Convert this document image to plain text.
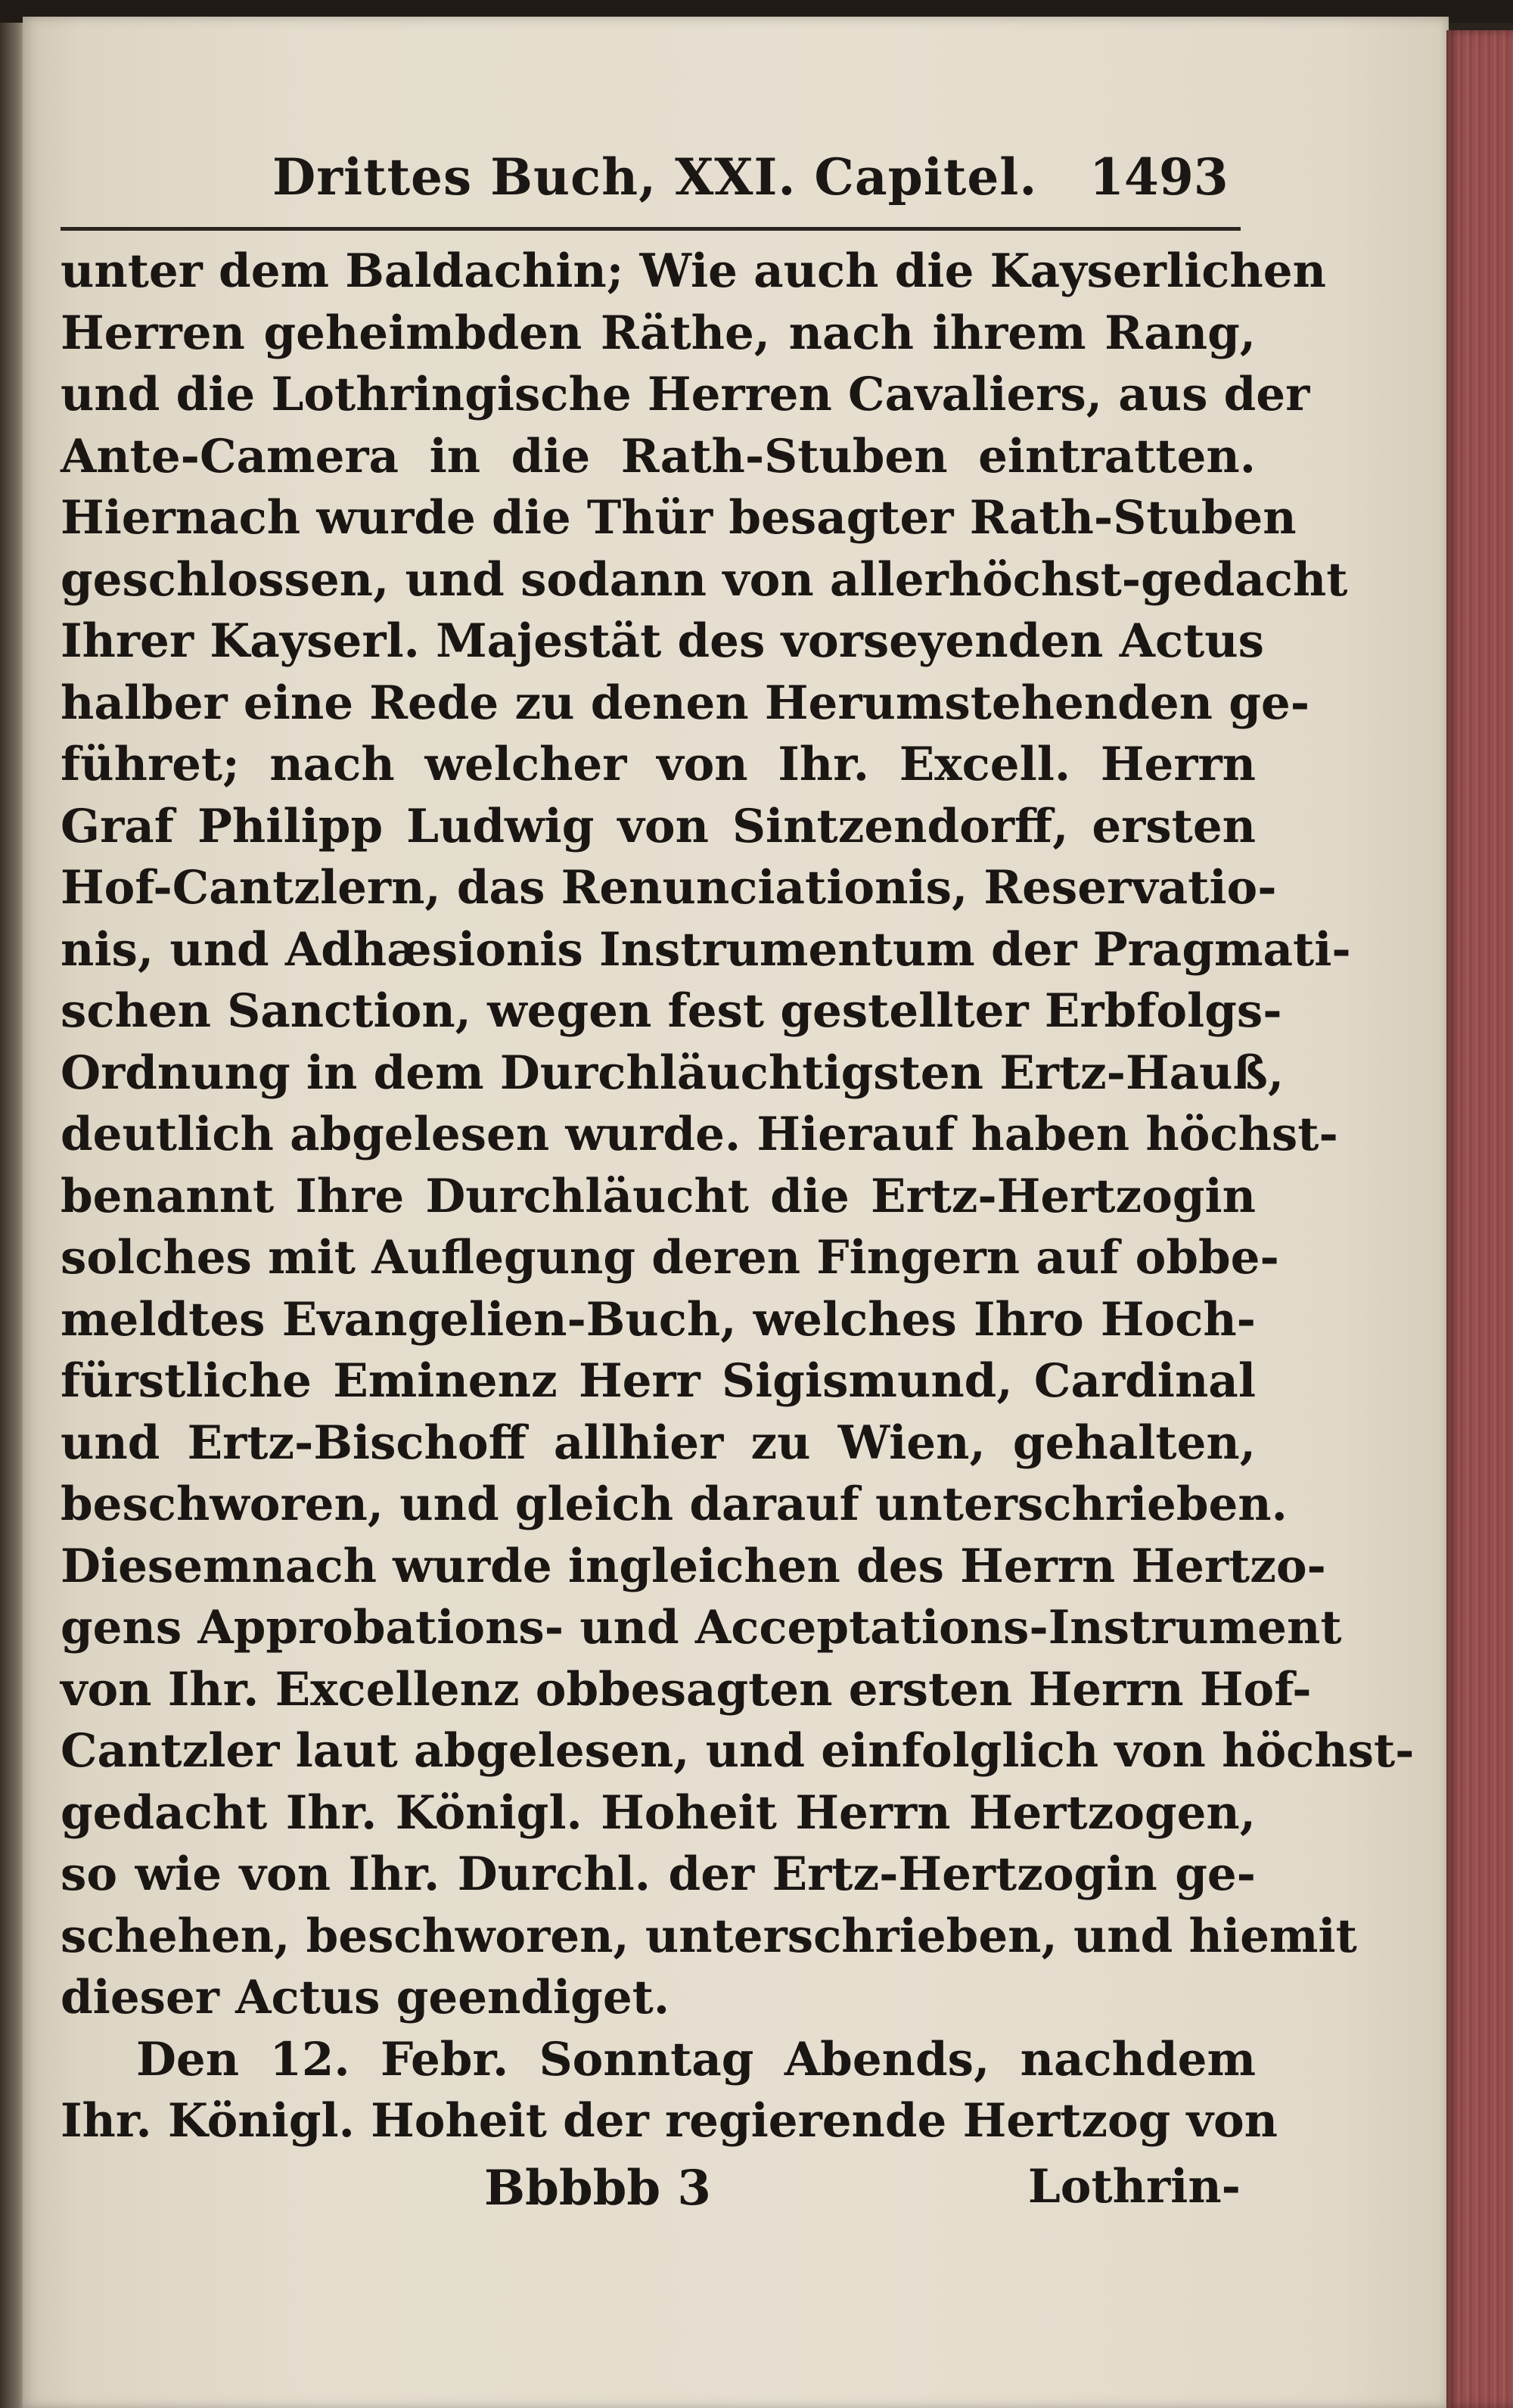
Drittes Buch, XXI. Capitel. 1493
unter dem Baldachin; Wie auch die Kayserlichen
Herren geheimbden Räthe, nach ihrem Rang,
und die Lothringische Herren Cavaliers, aus der
Ante-Camera in die Rath-Stuben eintratten.
Hiernach wurde die Thür besagter Rath-Stuben
geschlossen, und sodann von allerhöchst-gedacht
Ihrer Kayserl. Majestät des vorseyenden Actus
halber eine Rede zu denen Herumstehenden ge-
führet; nach welcher von Ihr. Excell. Herrn
Graf Philipp Ludwig von Sintzendorff, ersten
Hof-Cantzlern, das Renunciationis, Reservatio-
nis, und Adhæsionis Instrumentum der Pragmati-
schen Sanction, wegen fest gestellter Erbfolgs-
Ordnung in dem Durchläuchtigsten Ertz-Hauß,
deutlich abgelesen wurde. Hierauf haben höchst-
benannt Ihre Durchläucht die Ertz-Hertzogin
solches mit Auflegung deren Fingern auf obbe-
meldtes Evangelien-Buch, welches Ihro Hoch-
fürstliche Eminenz Herr Sigismund, Cardinal
und Ertz-Bischoff allhier zu Wien, gehalten,
beschworen, und gleich darauf unterschrieben.
Diesemnach wurde ingleichen des Herrn Hertzo-
gens Approbations- und Acceptations-Instrument
von Ihr. Excellenz obbesagten ersten Herrn Hof-
Cantzler laut abgelesen, und einfolglich von höchst-
gedacht Ihr. Königl. Hoheit Herrn Hertzogen,
so wie von Ihr. Durchl. der Ertz-Hertzogin ge-
schehen, beschworen, unterschrieben, und hiemit
dieser Actus geendiget.
Den 12. Febr. Sonntag Abends, nachdem
Ihr. Königl. Hoheit der regierende Hertzog von
Bbbbb 3	Lothrin-
